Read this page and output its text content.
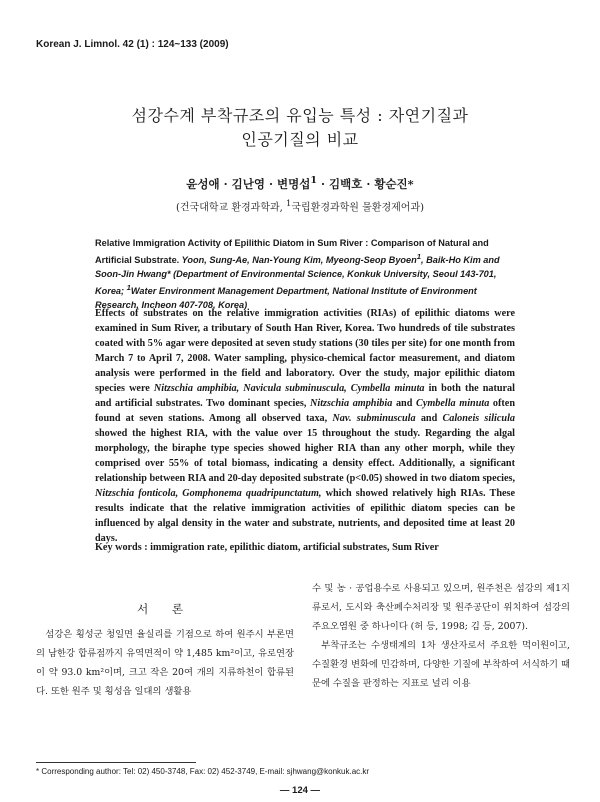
Korean J. Limnol. 42 (1) : 124~133 (2009)
섬강수계 부착규조의 유입능 특성 : 자연기질과
인공기질의 비교
윤성애 · 김난영 · 변명섭$^1$ · 김백호 · 황순진*
(건국대학교 환경과학과, $^1$국립환경과학원 물환경제어과)
Relative Immigration Activity of Epilithic Diatom in Sum River : Comparison of Natural and Artificial Substrate. Yoon, Sung-Ae, Nan-Young Kim, Myeong-Seop Byoen$^1$, Baik-Ho Kim and Soon-Jin Hwang* (Department of Environmental Science, Konkuk University, Seoul 143-701, Korea; $^1$Water Environment Management Department, National Institute of Environment Research, Incheon 407-708, Korea)
Effects of substrates on the relative immigration activities (RIAs) of epilithic diatoms were examined in Sum River, a tributary of South Han River, Korea. Two hundreds of tile substrates coated with 5% agar were deposited at seven study stations (30 tiles per site) for one month from March 7 to April 7, 2008. Water sampling, physico-chemical factor measurement, and diatom analysis were performed in the field and laboratory. Over the study, major epilithic diatom species were Nitzschia amphibia, Navicula subminuscula, Cymbella minuta in both the natural and artificial substrates. Two dominant species, Nitzschia amphibia and Cymbella minuta often found at seven stations. Among all observed taxa, Nav. subminuscula and Caloneis silicula showed the highest RIA, with the value over 15 throughout the study. Regarding the algal morphology, the biraphe type species showed higher RIA than any other morph, while they comprised over 55% of total biomass, indicating a density effect. Additionally, a significant relationship between RIA and 20-day deposited substrate (p<0.05) showed in two diatom species, Nitzschia fonticola, Gomphonema quadripunctatum, which showed relatively high RIAs. These results indicate that the relative immigration activities of epilithic diatom species can be influenced by algal density in the water and substrate, nutrients, and deposited time at least 20 days.
Key words : immigration rate, epilithic diatom, artificial substrates, Sum River
서 론

섬강은 횡성군 청일면 율실리를 기점으로 하여 원주시 부론면의 남한강 합류점까지 유역면적이 약 1,485 km²이고, 유로연장이 약 93.0 km²이며, 크고 작은 20여 개의 지류하천이 합류된다. 또한 원주 및 횡성읍 일대의 생활용

수 및 농 · 공업용수로 사용되고 있으며, 원주천은 섬강의 제1지류로서, 도시와 축산폐수처리장 및 원주공단이 위치하여 섬강의 주요오염원 중 하나이다 (허 등, 1998; 김 등, 2007).

부착규조는 수생태계의 1차 생산자로서 주요한 먹이원이고, 수질환경 변화에 민감하며, 다양한 기질에 부착하여 서식하기 때문에 수질을 판정하는 지표로 널리 이용

* Corresponding author: Tel: 02) 450-3748, Fax: 02) 452-3749, E-mail: sjhwang@konkuk.ac.kr
— 124 —
